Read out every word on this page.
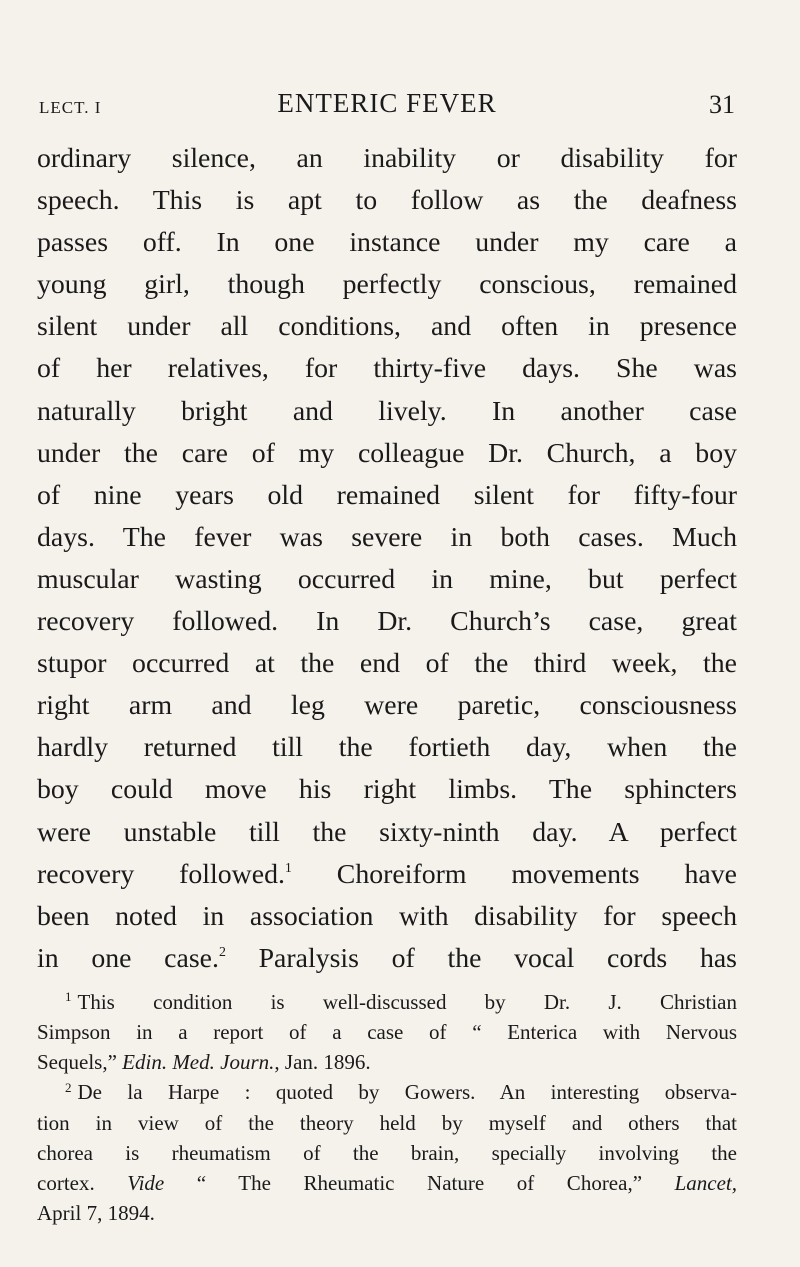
LECT. I	ENTERIC FEVER	31
ordinary silence, an inability or disability for
speech. This is apt to follow as the deafness
passes off. In one instance under my care a
young girl, though perfectly conscious, remained
silent under all conditions, and often in presence
of her relatives, for thirty-five days. She was
naturally bright and lively. In another case
under the care of my colleague Dr. Church, a boy
of nine years old remained silent for fifty-four
days. The fever was severe in both cases. Much
muscular wasting occurred in mine, but perfect
recovery followed. In Dr. Church’s case, great
stupor occurred at the end of the third week, the
right arm and leg were paretic, consciousness
hardly returned till the fortieth day, when the
boy could move his right limbs. The sphincters
were unstable till the sixty-ninth day. A perfect
recovery followed.$^1$ Choreiform movements have
been noted in association with disability for speech
in one case.$^2$ Paralysis of the vocal cords has
$^1$ This condition is well-discussed by Dr. J. Christian
Simpson in a report of a case of “ Enterica with Nervous
Sequels,” Edin. Med. Journ., Jan. 1896.
$^2$ De la Harpe : quoted by Gowers. An interesting observa-
tion in view of the theory held by myself and others that
chorea is rheumatism of the brain, specially involving the
cortex. Vide “ The Rheumatic Nature of Chorea,” Lancet,
April 7, 1894.
